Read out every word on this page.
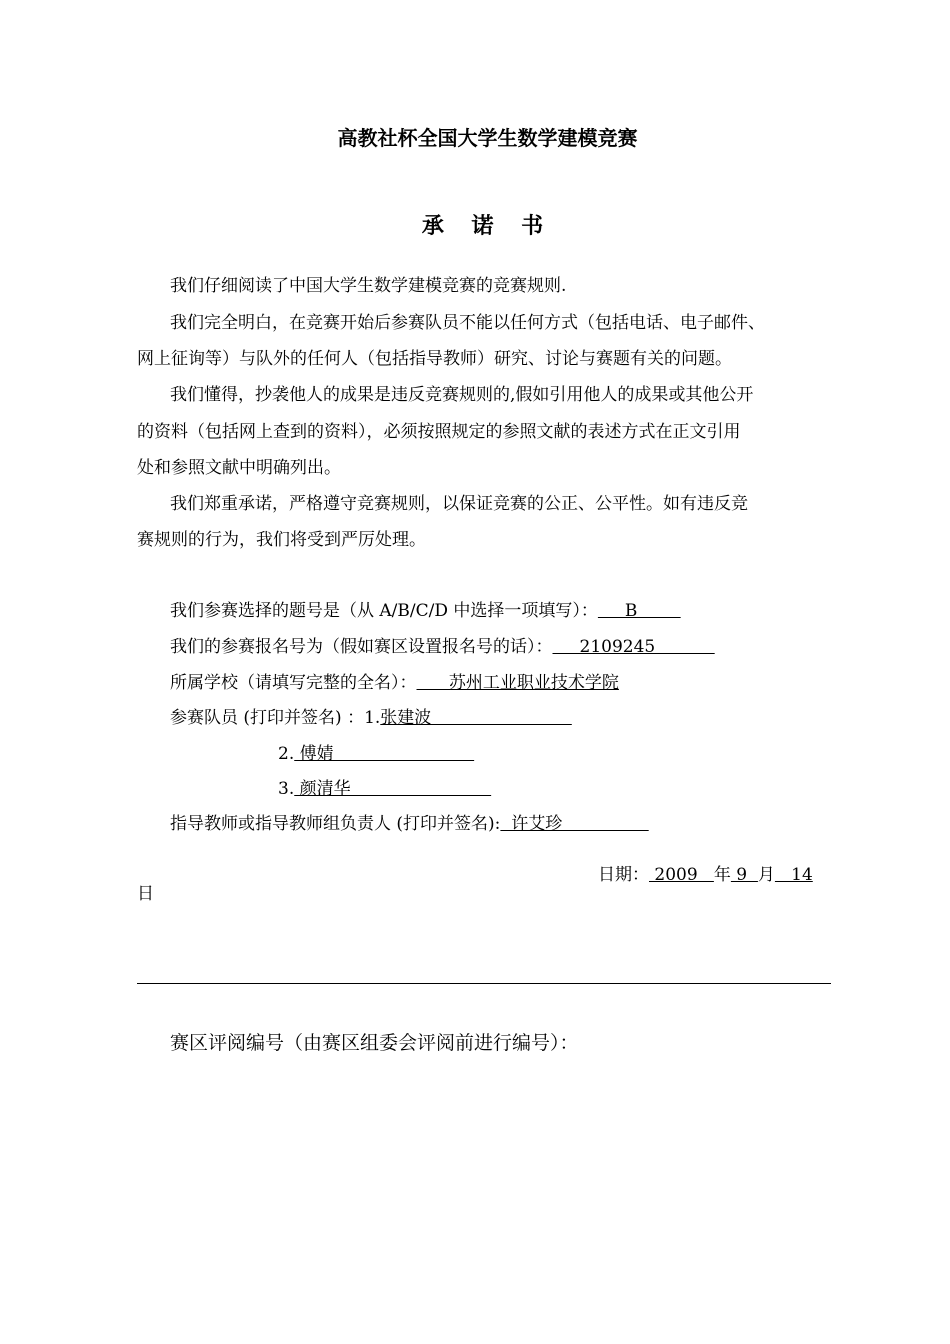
高教社杯全国大学生数学建模竞赛
承 诺 书
我们仔细阅读了中国大学生数学建模竞赛的竞赛规则.
我们完全明白，在竞赛开始后参赛队员不能以任何方式（包括电话、电子邮件、
网上征询等）与队外的任何人（包括指导教师）研究、讨论与赛题有关的问题。
我们懂得，抄袭他人的成果是违反竞赛规则的,假如引用他人的成果或其他公开
的资料（包括网上查到的资料），必须按照规定的参照文献的表述方式在正文引用
处和参照文献中明确列出。
我们郑重承诺，严格遵守竞赛规则，以保证竞赛的公正、公平性。如有违反竞
赛规则的行为，我们将受到严厉处理。
我们参赛选择的题号是（从 A/B/C/D 中选择一项填写）：     B
我们的参赛报名号为（假如赛区设置报名号的话）：     2109245
所属学校（请填写完整的全名）：      苏州工业职业技术学院
参赛队员 (打印并签名) ：1.张建波
2. 傅婧
3. 颜清华
指导教师或指导教师组负责人 (打印并签名):  许艾珍
日期： 2009   年 9  月   14
日
赛区评阅编号（由赛区组委会评阅前进行编号）：
